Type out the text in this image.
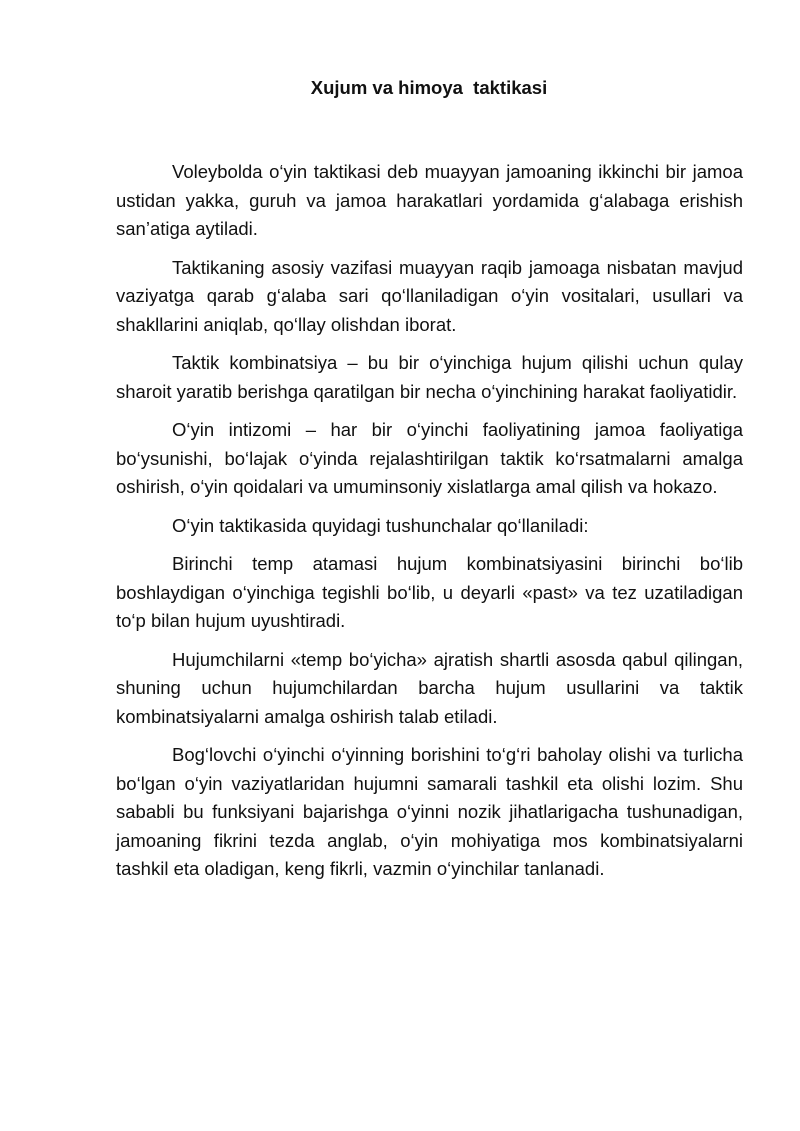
Xujum va himoya  taktikasi

Voleybolda o‘yin taktikasi deb muayyan jamoaning ikkinchi bir jamoa ustidan yakka, guruh va jamoa harakatlari yordamida g‘alabaga erishish san’atiga aytiladi.

Taktikaning asosiy vazifasi muayyan raqib jamoaga nisbatan mavjud vaziyatga qarab g‘alaba sari qo‘llaniladigan o‘yin vositalari, usullari va shakllarini aniqlab, qo‘llay olishdan iborat.

Taktik kombinatsiya – bu bir o‘yinchiga hujum qilishi uchun qulay sharoit yaratib berishga qaratilgan bir necha o‘yinchining harakat faoliyatidir.

O‘yin intizomi – har bir o‘yinchi faoliyatining jamoa faoliyatiga bo‘ysunishi, bo‘lajak o‘yinda rejalashtirilgan taktik ko‘rsatmalarni amalga oshirish, o‘yin qoidalari va umuminsoniy xislatlarga amal qilish va hokazo.

O‘yin taktikasida quyidagi tushunchalar qo‘llaniladi:

Birinchi temp atamasi hujum kombinatsiyasini birinchi bo‘lib boshlaydigan o‘yinchiga tegishli bo‘lib, u deyarli «past» va tez uzatiladigan to‘p bilan hujum uyushtiradi.

Hujumchilarni «temp bo‘yicha» ajratish shartli asosda qabul qilingan, shuning uchun hujumchilardan barcha hujum usullarini va taktik kombinatsiyalarni amalga oshirish talab etiladi.

Bog‘lovchi o‘yinchi o‘yinning borishini to‘g‘ri baholay olishi va turlicha bo‘lgan o‘yin vaziyatlaridan hujumni samarali tashkil eta olishi lozim. Shu sababli bu funksiyani bajarishga o‘yinni nozik jihatlarigacha tushunadigan, jamoaning fikrini tezda anglab, o‘yin mohiyatiga mos kombinatsiyalarni tashkil eta oladigan, keng fikrli, vazmin o‘yinchilar tanlanadi.
